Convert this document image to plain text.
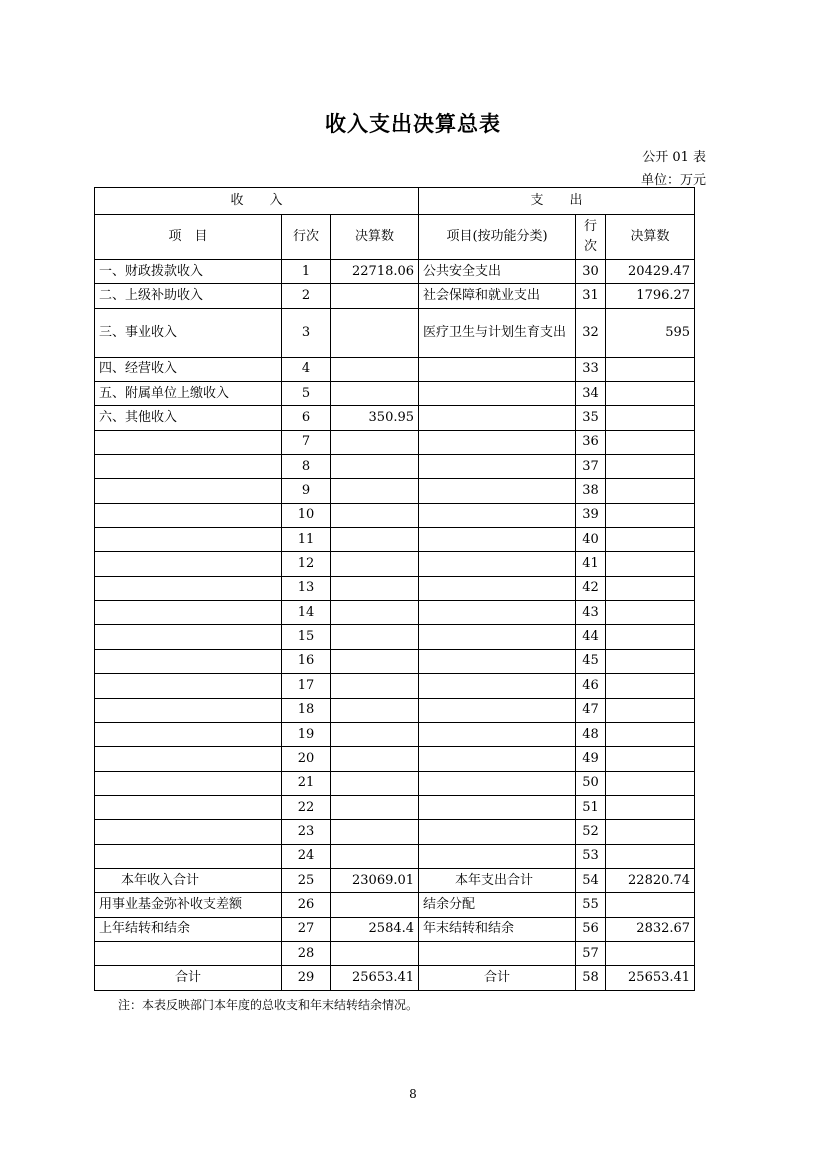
收入支出决算总表
公开 01 表
单位：万元
收　　入			支　　出		
项　目	行次	决算数	项目(按功能分类)	行次	决算数
一、财政拨款收入	1	22718.06	公共安全支出	30	20429.47
二、上级补助收入	2		社会保障和就业支出	31	1796.27
三、事业收入	3		医疗卫生与计划生育支出	32	595
四、经营收入	4			33	
五、附属单位上缴收入	5			34	
六、其他收入	6	350.95		35	
	7			36	
	8			37	
	9			38	
	10			39	
	11			40	
	12			41	
	13			42	
	14			43	
	15			44	
	16			45	
	17			46	
	18			47	
	19			48	
	20			49	
	21			50	
	22			51	
	23			52	
	24			53	
本年收入合计	25	23069.01	本年支出合计	54	22820.74
用事业基金弥补收支差额	26		结余分配	55	
上年结转和结余	27	2584.4	年末结转和结余	56	2832.67
	28			57	
合计	29	25653.41	合计	58	25653.41
注：本表反映部门本年度的总收支和年末结转结余情况。
8
